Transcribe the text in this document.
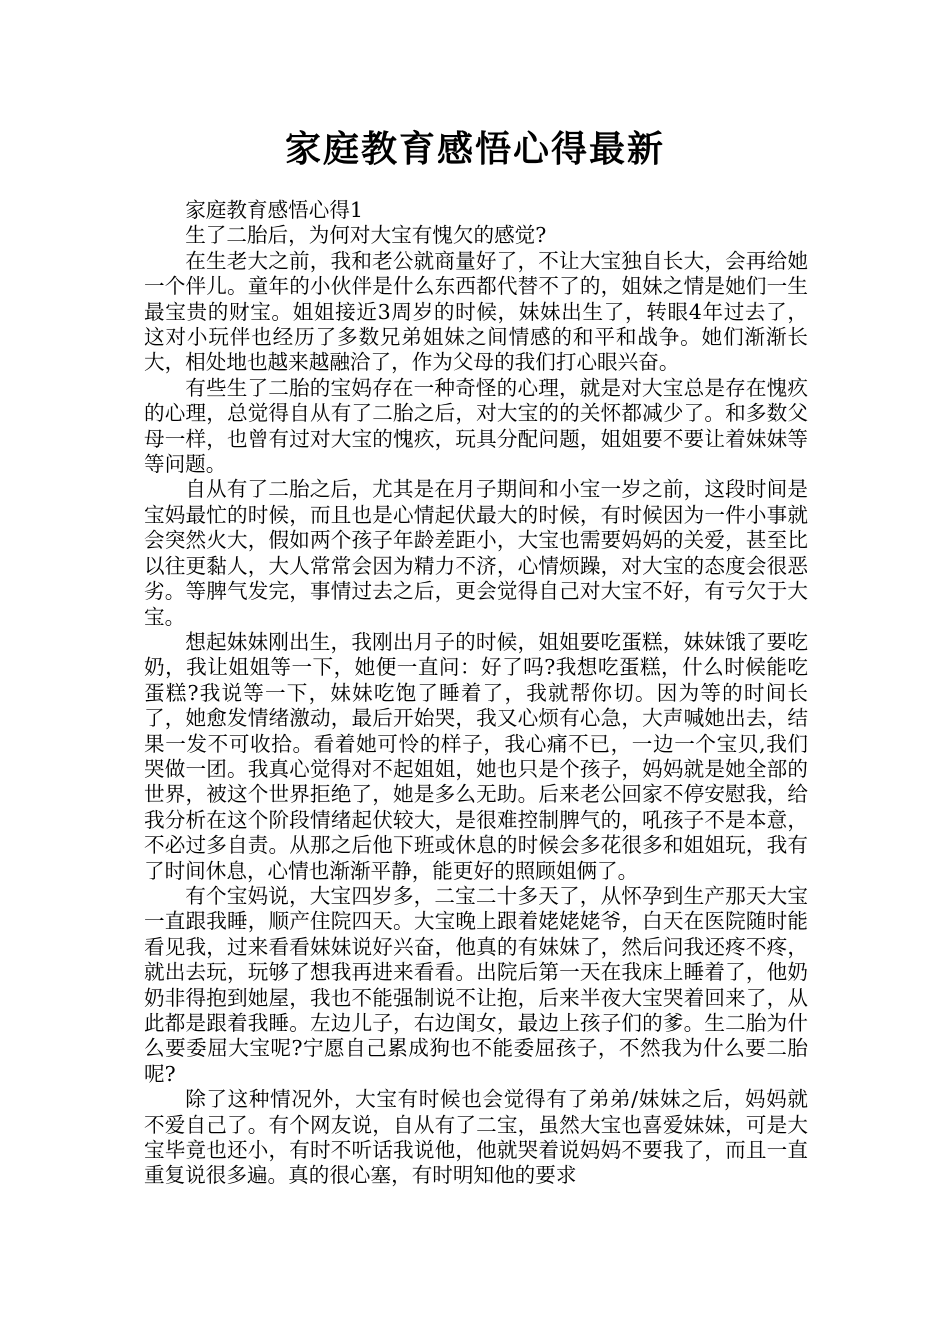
家庭教育感悟心得最新

家庭教育感悟心得1

生了二胎后，为何对大宝有愧欠的感觉?

在生老大之前，我和老公就商量好了，不让大宝独自长大，会再给她一个伴儿。童年的小伙伴是什么东西都代替不了的，姐妹之情是她们一生最宝贵的财宝。姐姐接近3周岁的时候，妹妹出生了，转眼4年过去了，这对小玩伴也经历了多数兄弟姐妹之间情感的和平和战争。她们渐渐长大，相处地也越来越融洽了，作为父母的我们打心眼兴奋。

有些生了二胎的宝妈存在一种奇怪的心理，就是对大宝总是存在愧疚的心理，总觉得自从有了二胎之后，对大宝的的关怀都减少了。和多数父母一样，也曾有过对大宝的愧疚，玩具分配问题，姐姐要不要让着妹妹等等问题。

自从有了二胎之后，尤其是在月子期间和小宝一岁之前，这段时间是宝妈最忙的时候，而且也是心情起伏最大的时候，有时候因为一件小事就会突然火大，假如两个孩子年龄差距小，大宝也需要妈妈的关爱，甚至比以往更黏人，大人常常会因为精力不济，心情烦躁，对大宝的态度会很恶劣。等脾气发完，事情过去之后，更会觉得自己对大宝不好，有亏欠于大宝。

想起妹妹刚出生，我刚出月子的时候，姐姐要吃蛋糕，妹妹饿了要吃奶，我让姐姐等一下，她便一直问：好了吗?我想吃蛋糕，什么时候能吃蛋糕?我说等一下，妹妹吃饱了睡着了，我就帮你切。因为等的时间长了，她愈发情绪激动，最后开始哭，我又心烦有心急，大声喊她出去，结果一发不可收拾。看着她可怜的样子，我心痛不已，一边一个宝贝,我们哭做一团。我真心觉得对不起姐姐，她也只是个孩子，妈妈就是她全部的世界，被这个世界拒绝了，她是多么无助。后来老公回家不停安慰我，给我分析在这个阶段情绪起伏较大，是很难控制脾气的，吼孩子不是本意，不必过多自责。从那之后他下班或休息的时候会多花很多和姐姐玩，我有了时间休息，心情也渐渐平静，能更好的照顾姐俩了。

有个宝妈说，大宝四岁多，二宝二十多天了，从怀孕到生产那天大宝一直跟我睡，顺产住院四天。大宝晚上跟着姥姥姥爷，白天在医院随时能看见我，过来看看妹妹说好兴奋，他真的有妹妹了，然后问我还疼不疼，就出去玩，玩够了想我再进来看看。出院后第一天在我床上睡着了，他奶奶非得抱到她屋，我也不能强制说不让抱，后来半夜大宝哭着回来了，从此都是跟着我睡。左边儿子，右边闺女，最边上孩子们的爹。生二胎为什么要委屈大宝呢?宁愿自己累成狗也不能委屈孩子，不然我为什么要二胎呢?

除了这种情况外，大宝有时候也会觉得有了弟弟/妹妹之后，妈妈就不爱自己了。有个网友说，自从有了二宝，虽然大宝也喜爱妹妹，可是大宝毕竟也还小，有时不听话我说他，他就哭着说妈妈不要我了，而且一直重复说很多遍。真的很心塞，有时明知他的要求
